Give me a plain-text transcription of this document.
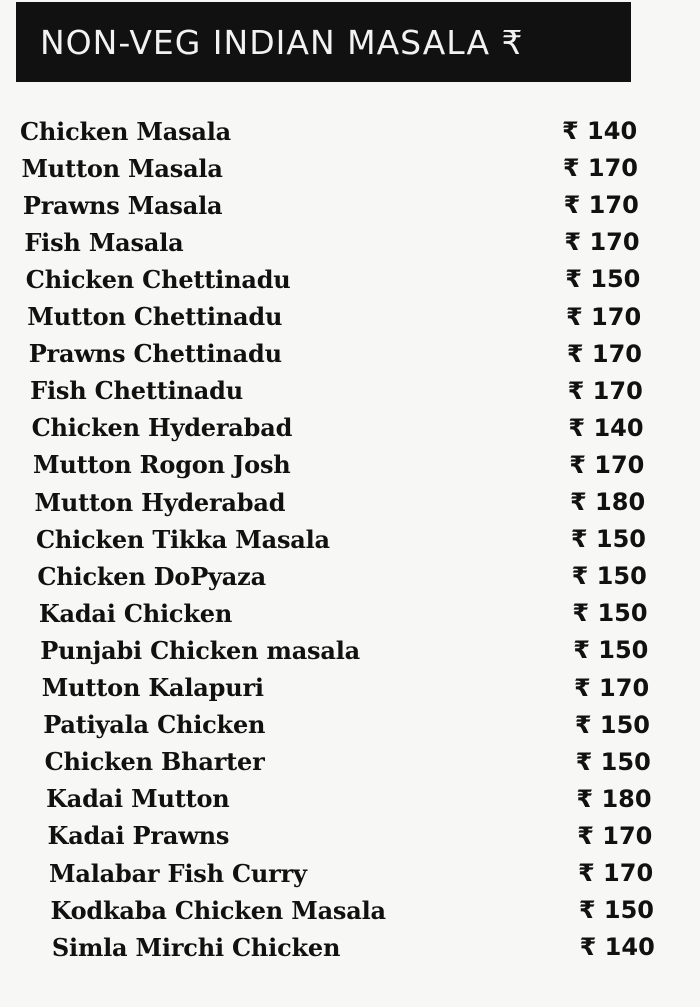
NON-VEG INDIAN MASALA ₹
Chicken Masala	₹ 140
Mutton Masala	₹ 170
Prawns Masala	₹ 170
Fish Masala	₹ 170
Chicken Chettinadu	₹ 150
Mutton Chettinadu	₹ 170
Prawns Chettinadu	₹ 170
Fish Chettinadu	₹ 170
Chicken Hyderabad	₹ 140
Mutton Rogon Josh	₹ 170
Mutton Hyderabad	₹ 180
Chicken Tikka Masala	₹ 150
Chicken DoPyaza	₹ 150
Kadai Chicken	₹ 150
Punjabi Chicken masala	₹ 150
Mutton Kalapuri	₹ 170
Patiyala Chicken	₹ 150
Chicken Bharter	₹ 150
Kadai Mutton	₹ 180
Kadai Prawns	₹ 170
Malabar Fish Curry	₹ 170
Kodkaba Chicken Masala	₹ 150
Simla Mirchi Chicken	₹ 140
